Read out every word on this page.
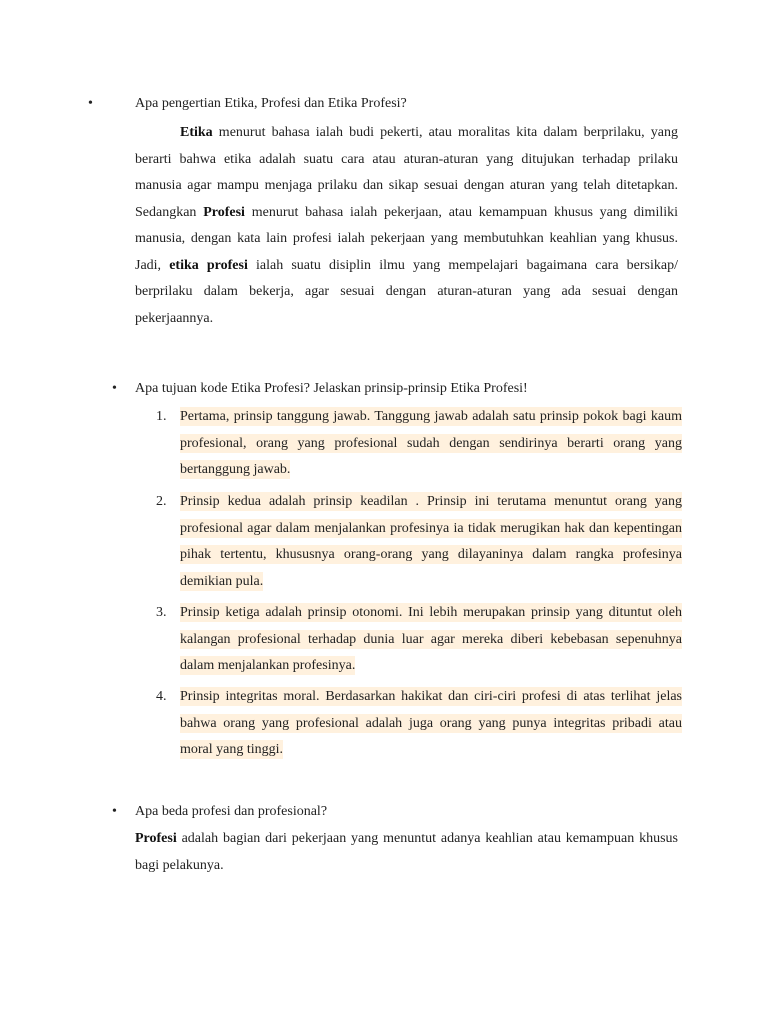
•	Apa pengertian Etika, Profesi dan Etika Profesi?
Etika menurut bahasa ialah budi pekerti, atau moralitas kita dalam berprilaku, yang berarti bahwa etika adalah suatu cara atau aturan-aturan yang ditujukan terhadap prilaku manusia agar mampu menjaga prilaku dan sikap sesuai dengan aturan yang telah ditetapkan. Sedangkan Profesi menurut bahasa ialah pekerjaan, atau kemampuan khusus yang dimiliki manusia, dengan kata lain profesi ialah pekerjaan yang membutuhkan keahlian yang khusus. Jadi, etika profesi ialah suatu disiplin ilmu yang mempelajari bagaimana cara bersikap/ berprilaku dalam bekerja, agar sesuai dengan aturan-aturan yang ada sesuai dengan pekerjaannya.
• Apa tujuan kode Etika Profesi? Jelaskan prinsip-prinsip Etika Profesi!
1. Pertama, prinsip tanggung jawab. Tanggung jawab adalah satu prinsip pokok bagi kaum profesional, orang yang profesional sudah dengan sendirinya berarti orang yang bertanggung jawab.
2. Prinsip kedua adalah prinsip keadilan . Prinsip ini terutama menuntut orang yang profesional agar dalam menjalankan profesinya ia tidak merugikan hak dan kepentingan pihak tertentu, khususnya orang-orang yang dilayaninya dalam rangka profesinya demikian pula.
3. Prinsip ketiga adalah prinsip otonomi. Ini lebih merupakan prinsip yang dituntut oleh kalangan profesional terhadap dunia luar agar mereka diberi kebebasan sepenuhnya dalam menjalankan profesinya.
4. Prinsip integritas moral. Berdasarkan hakikat dan ciri-ciri profesi di atas terlihat jelas bahwa orang yang profesional adalah juga orang yang punya integritas pribadi atau moral yang tinggi.
• Apa beda profesi dan profesional?
Profesi adalah bagian dari pekerjaan yang menuntut adanya keahlian atau kemampuan khusus bagi pelakunya.
